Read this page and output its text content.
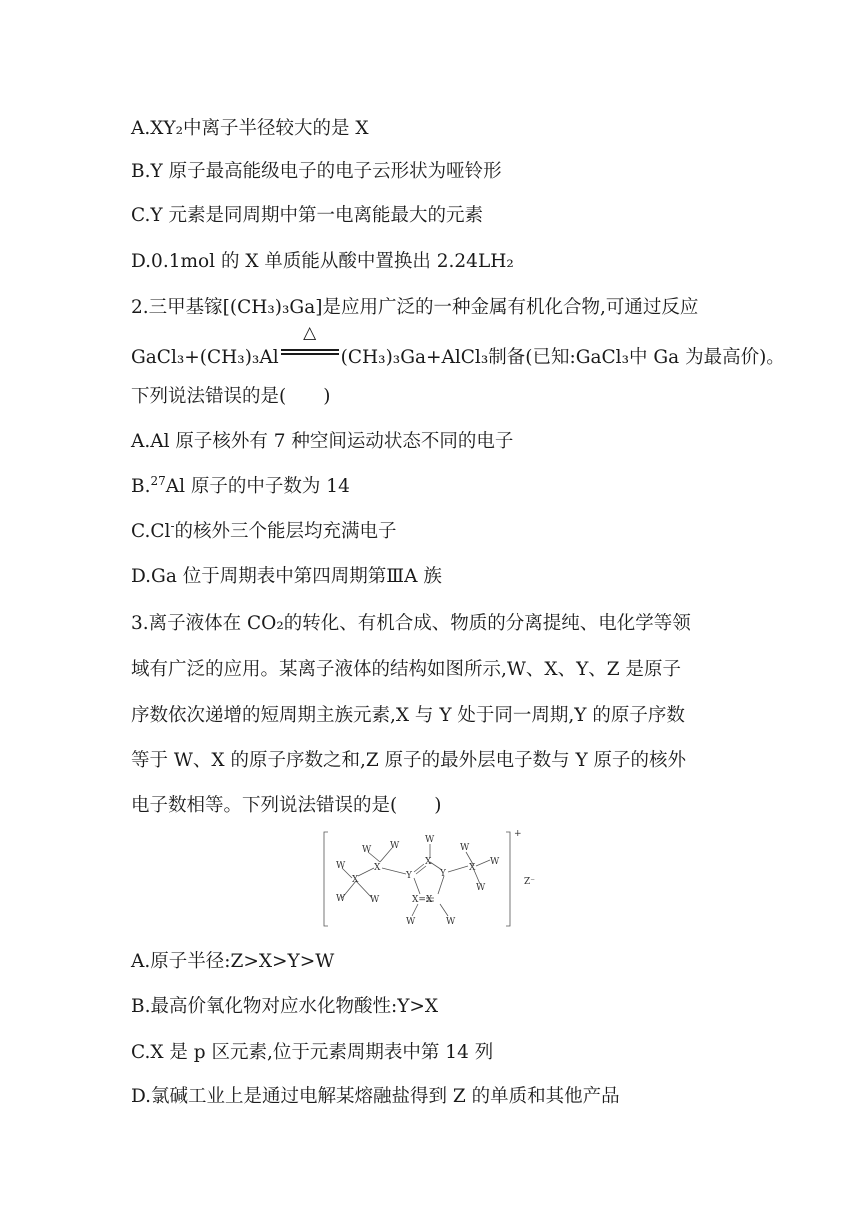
A.XY₂中离子半径较大的是 X
B.Y 原子最高能级电子的电子云形状为哑铃形
C.Y 元素是同周期中第一电离能最大的元素
D.0.1mol 的 X 单质能从酸中置换出 2.24LH₂
2.三甲基镓[(CH₃)₃Ga]是应用广泛的一种金属有机化合物,可通过反应
GaCl₃+(CH₃)₃Al
△
(CH₃)₃Ga+AlCl₃制备(已知:GaCl₃中 Ga 为最高价)。
下列说法错误的是(　　)
A.Al 原子核外有 7 种空间运动状态不同的电子
B.$^{27}$Al 原子的中子数为 14
C.Cl-的核外三个能层均充满电子
D.Ga 位于周期表中第四周期第ⅢA 族
3.离子液体在 CO₂的转化、有机合成、物质的分离提纯、电化学等领
域有广泛的应用。某离子液体的结构如图所示,W、X、Y、Z 是原子
序数依次递增的短周期主族元素,X 与 Y 处于同一周期,Y 的原子序数
等于 W、X 的原子序数之和,Z 原子的最外层电子数与 Y 原子的核外
电子数相等。下列说法错误的是(　　)
W
X
W	W
X
W W
Y
X
W
Y
X=X
W	W
X
W
W
W
+
Z⁻
A.原子半径:Z>X>Y>W
B.最高价氧化物对应水化物酸性:Y>X
C.X 是 p 区元素,位于元素周期表中第 14 列
D.氯碱工业上是通过电解某熔融盐得到 Z 的单质和其他产品
